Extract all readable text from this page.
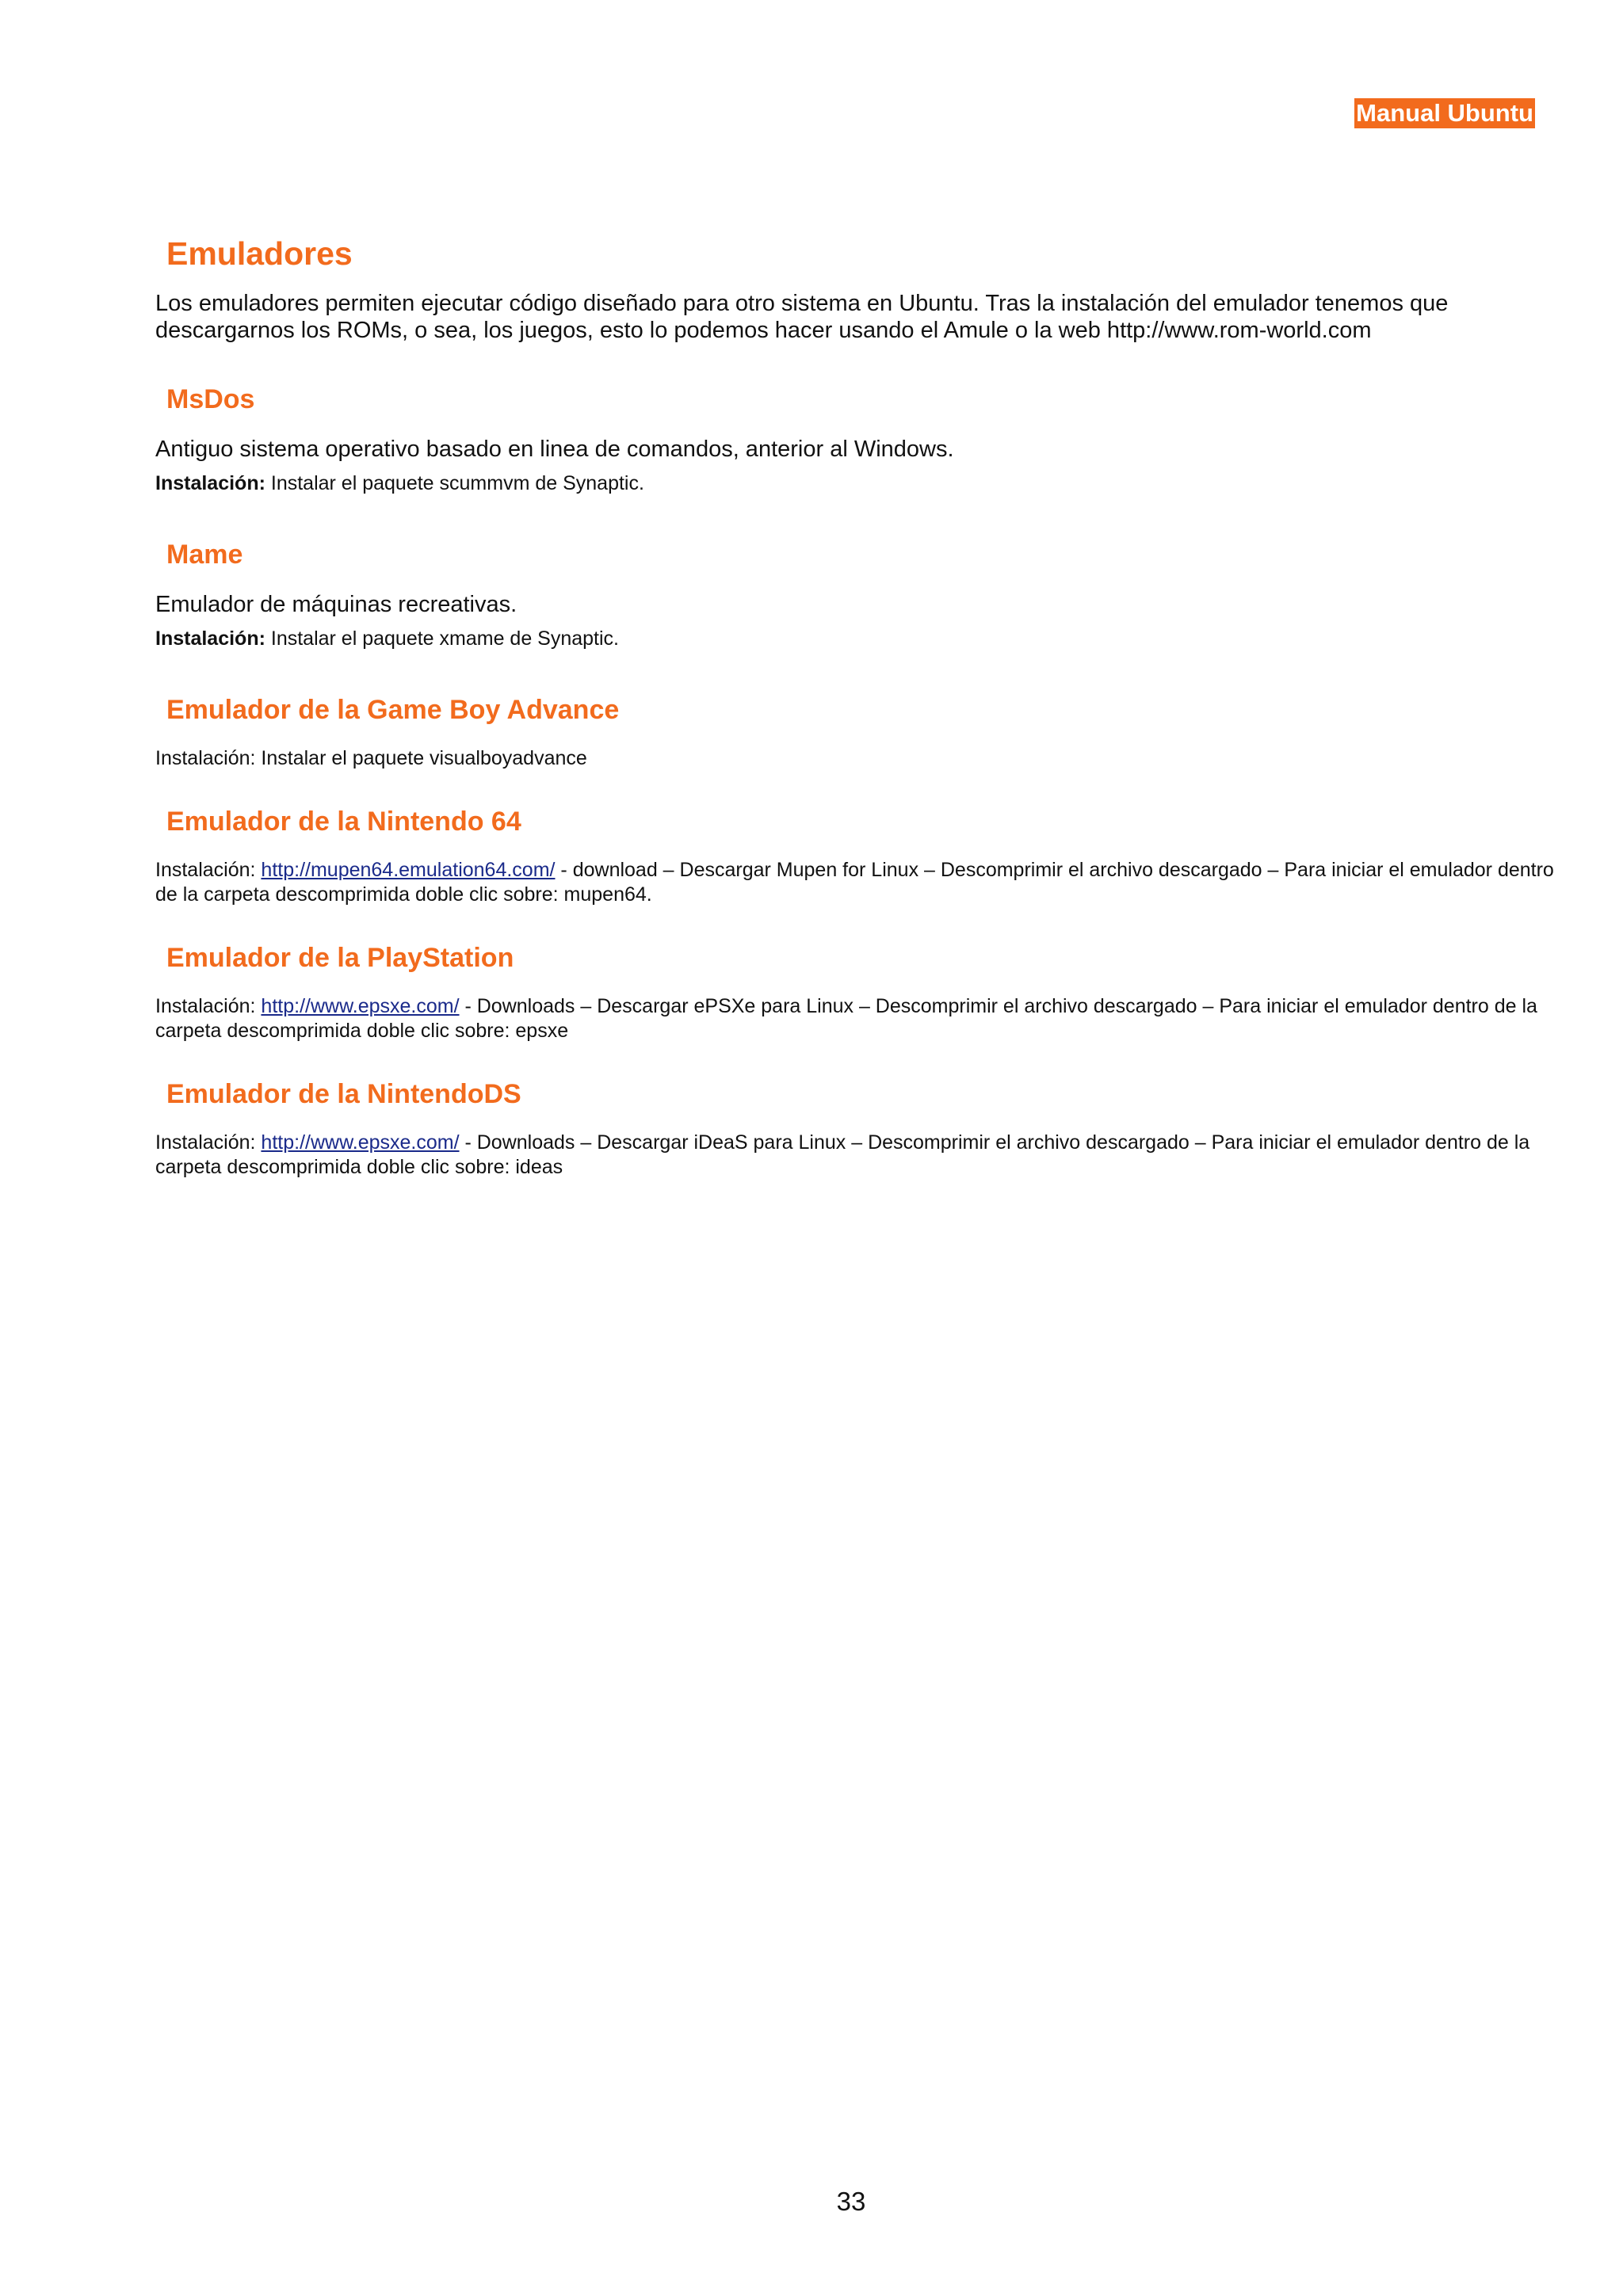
Manual Ubuntu
Emuladores

Los emuladores permiten ejecutar código diseñado para otro sistema en Ubuntu. Tras la instalación del emulador tenemos que descargarnos los ROMs, o sea, los juegos, esto lo podemos hacer usando el Amule o la web http://www.rom-world.com

MsDos

Antiguo sistema operativo basado en linea de comandos, anterior al Windows.

Instalación: Instalar el paquete scummvm de Synaptic.

Mame

Emulador de máquinas recreativas.

Instalación: Instalar el paquete xmame de Synaptic.

Emulador de la Game Boy Advance

Instalación: Instalar el paquete visualboyadvance

Emulador de la Nintendo 64

Instalación: http://mupen64.emulation64.com/ - download – Descargar Mupen for Linux – Descomprimir el archivo descargado – Para iniciar el emulador dentro de la carpeta descomprimida doble clic sobre: mupen64.

Emulador de la PlayStation

Instalación: http://www.epsxe.com/ - Downloads – Descargar ePSXe para Linux – Descomprimir el archivo descargado – Para iniciar el emulador dentro de la carpeta descomprimida doble clic sobre: epsxe

Emulador de la NintendoDS

Instalación: http://www.epsxe.com/ - Downloads – Descargar iDeaS para Linux – Descomprimir el archivo descargado – Para iniciar el emulador dentro de la carpeta descomprimida doble clic sobre: ideas

33
